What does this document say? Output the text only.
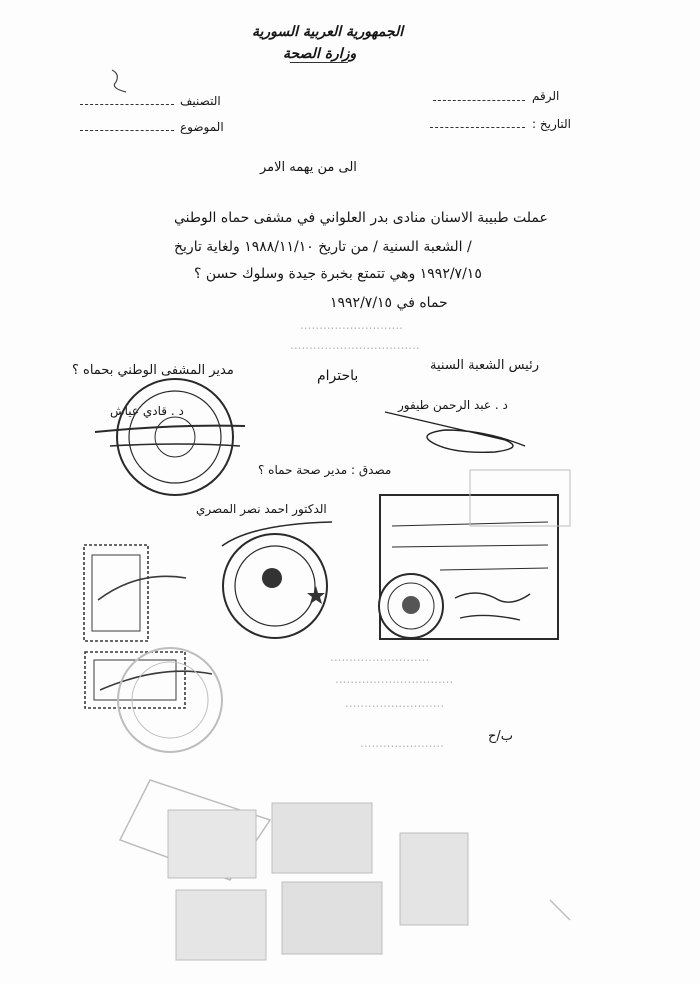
الجمهورية العربية السورية
وزارة الصحة
الرقم
التاريخ :
التصنيف
الموضوع
الى من يهمه الامر
عملت طبيبة الاسنان منادى بدر العلواني في مشفى حماه الوطني
/ الشعبة السنية / من تاريخ ١٩٨٨/١١/١٠ ولغاية تاريخ
١٩٩٢/٧/١٥ وهي تتمتع بخبرة جيدة وسلوك حسن ؟
حماه في ١٩٩٢/٧/١٥
...........................
..................................
..........................
...............................
..........................
......................
رئيس الشعبة السنية
مدير المشفى الوطني بحماه ؟	باحترام
د . عبد الرحمن طيفور
د . قادي عياش
مصدق : مدير صحة حماه ؟
الدكتور احمد نصر المصري
ب/ح
